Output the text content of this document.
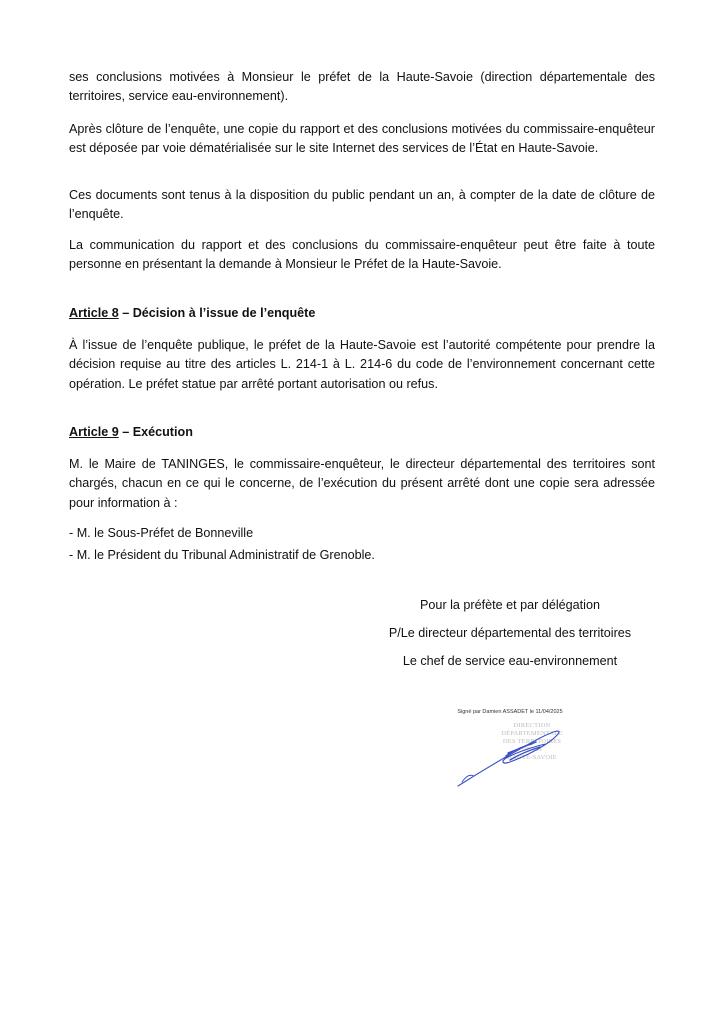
ses conclusions motivées à Monsieur le préfet de la Haute-Savoie (direction départementale des territoires, service eau-environnement).

Après clôture de l’enquête, une copie du rapport et des conclusions motivées du commissaire-enquêteur est déposée par voie dématérialisée sur le site Internet des services de l’État en Haute-Savoie.

Ces documents sont tenus à la disposition du public pendant un an, à compter de la date de clôture de l’enquête.

La communication du rapport et des conclusions du commissaire-enquêteur peut être faite à toute personne en présentant la demande à Monsieur le Préfet de la Haute-Savoie.

Article 8 – Décision à l’issue de l’enquête

À l’issue de l’enquête publique, le préfet de la Haute-Savoie est l’autorité compétente pour prendre la décision requise au titre des articles L. 214-1 à L. 214-6 du code de l’environnement concernant cette opération. Le préfet statue par arrêté portant autorisation ou refus.

Article 9 – Exécution

M. le Maire de TANINGES, le commissaire-enquêteur, le directeur départemental des territoires sont chargés, chacun en ce qui le concerne, de l’exécution du présent arrêté dont une copie sera adressée pour information à :

- M. le Sous-Préfet de Bonneville
- M. le Président du Tribunal Administratif de Grenoble.

Pour la préfète et par délégation

P/Le directeur départemental des territoires

Le chef de service eau-environnement

Signé par Damien ASSADET le 11/04/2025
DIRECTION
DÉPARTEMENTALE
DES TERRITOIRES
DE LA
HAUTE-SAVOIE
